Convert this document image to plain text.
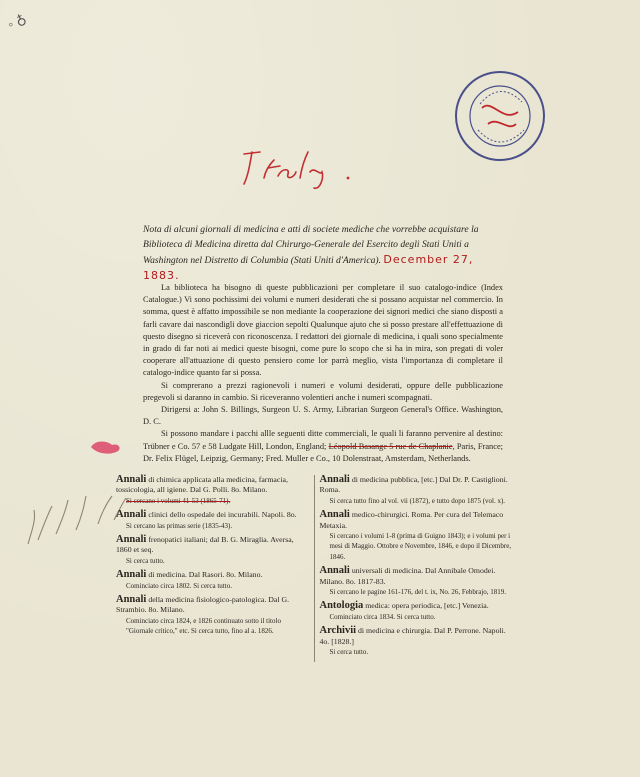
◦ ♁
Nota di alcuni giornali di medicina e atti di societe mediche che vorrebbe acquistare la Biblioteca di Medicina diretta dal Chirurgo-Generale del Esercito degli Stati Uniti a Washington nel Distretto di Columbia (Stati Uniti d'America). December 27, 1883.

La biblioteca ha bisogno di queste pubblicazioni per completare il suo catalogo-indice (Index Catalogue.) Vi sono pochissimi dei volumi e numeri desiderati che si possano acquistar nel commercio. In somma, quest è affatto impossibile se non mediante la cooperazione dei signori medici che siano disposti a farli cavare dai nascondigli dove giaccion sepolti Qualunque ajuto che si posso prestare all'effettuazione di questo disegno si riceverà con riconoscenza. I redattori dei giornale di medicina, i quali sono specialmente in grado di far noti ai medici queste bisogni, come pure lo scopo che si ha in mira, son pregati di voler cooperare all'attuazione di questo pensiero come lor parrà meglio, vista l'importanza di completare il catalogo-indice quanto far si possa.

Si comprerano a prezzi ragionevoli i numeri e volumi desiderati, oppure delle pubblicazione pregevoli si daranno in cambio. Si riceveranno volentieri anche i numeri scompagnati.

Dirigersi a: John S. Billings, Surgeon U. S. Army, Librarian Surgeon General's Office. Washington, D. C.

Si possono mandare i pacchi allle seguenti ditte commerciali, le quali li faranno pervenire al destino: Trübner e Co. 57 e 58 Ludgate Hill, London, England; Léopold Basange 5 rue de Chaplanie, Paris, France; Dr. Felix Flügel, Leipzig, Germany; Fred. Muller e Co., 10 Dolenstraat, Amsterdam, Netherlands.

Annali di chimica applicata alla medicina, farmacia, tossicologia, all igiene. Dal G. Polli. 8o. Milano.
Si cercano i volumi 41-53 (1865-71).
Annali clinici dello ospedale dei incurabili. Napoli. 8o.
Si cercano las primas serie (1835-43).
Annali frenopatici italiani; dal B. G. Miraglia. Aversa, 1860 et seq.
Si cerca tutto.
Annali di medicina. Dal Rasori. 8o. Milano.
Cominciato circa 1802. Si cerca tutto.
Annali della medicina fisiologico-patologica. Dal G. Strambio. 8o. Milano.
Cominciato circa 1824, e 1826 continuato sotto il titolo "Giornale critico," etc. Si cerca tutto, fino al a. 1826.
Annali di medicina pubblica, [etc.] Dal Dr. P. Castiglioni. Roma.
Si cerca tutto fino al vol. vii (1872), e tutto dopo 1875 (vol. x).
Annali medico-chirurgici. Roma. Per cura del Telemaco Metaxia.
Si cercano i volumi 1-8 (prima di Guigno 1843); e i volumi per i mesi di Maggio. Ottobre e Novembre, 1846, e dopo il Dicembre, 1846.
Annali universali di medicina. Dal Annibale Omodei. Milano. 8o. 1817-83.
Si cercano le pagine 161-176, del t. ix, No. 26, Febbrajo, 1819.
Antologia medica: opera periodica, [etc.] Venezia.
Cominciato circa 1834. Si cerca tutto.
Archivii di medicina e chirurgia. Dal P. Perrone. Napoli. 4o. [1828.]
Si cerca tutto.
